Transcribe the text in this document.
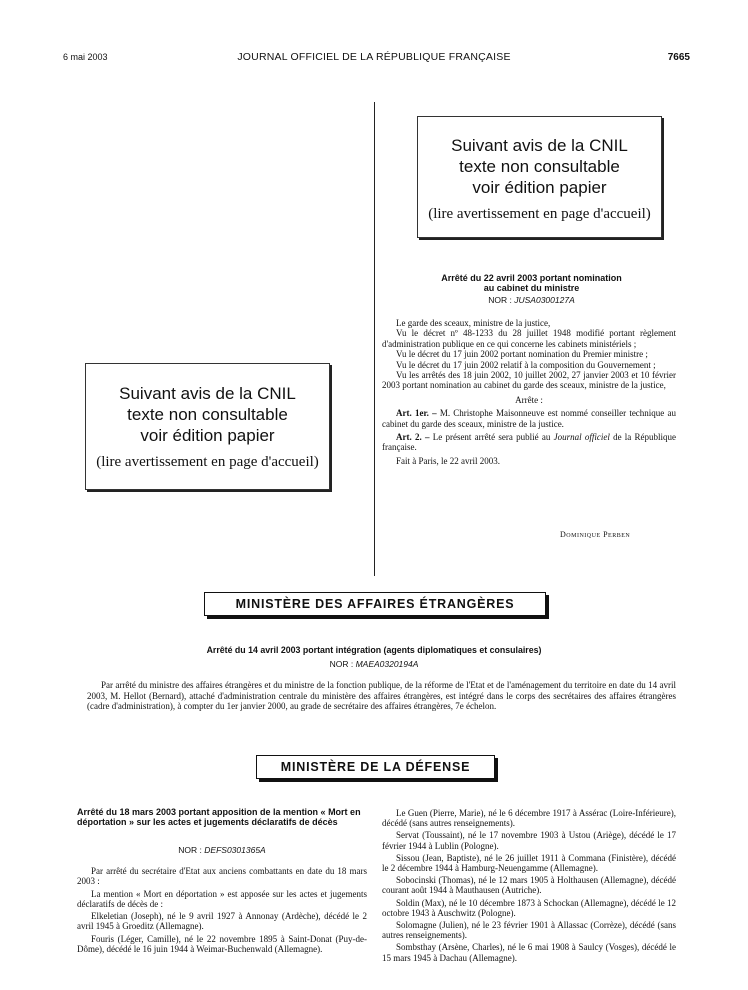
6 mai 2003	JOURNAL OFFICIEL DE LA RÉPUBLIQUE FRANÇAISE	7665
Suivant avis de la CNIL
texte non consultable
voir édition papier
(lire avertissement en page d'accueil)
Suivant avis de la CNIL
texte non consultable
voir édition papier
(lire avertissement en page d'accueil)
Arrêté du 22 avril 2003 portant nomination
au cabinet du ministre
NOR : JUSA0300127A

Le garde des sceaux, ministre de la justice,

Vu le décret nº 48-1233 du 28 juillet 1948 modifié portant règlement d'administration publique en ce qui concerne les cabinets ministériels ;

Vu le décret du 17 juin 2002 portant nomination du Premier ministre ;

Vu le décret du 17 juin 2002 relatif à la composition du Gouvernement ;

Vu les arrêtés des 18 juin 2002, 10 juillet 2002, 27 janvier 2003 et 10 février 2003 portant nomination au cabinet du garde des sceaux, ministre de la justice,

Arrête :

Art. 1er. – M. Christophe Maisonneuve est nommé conseiller technique au cabinet du garde des sceaux, ministre de la justice.

Art. 2. – Le présent arrêté sera publié au Journal officiel de la République française.

Fait à Paris, le 22 avril 2003.

Dominique Perben
MINISTÈRE DES AFFAIRES ÉTRANGÈRES
Arrêté du 14 avril 2003 portant intégration (agents diplomatiques et consulaires)
NOR : MAEA0320194A
Par arrêté du ministre des affaires étrangères et du ministre de la fonction publique, de la réforme de l'Etat et de l'aménagement du territoire en date du 14 avril 2003, M. Hellot (Bernard), attaché d'administration centrale du ministère des affaires étrangères, est intégré dans le corps des secrétaires des affaires étrangères (cadre d'administration), à compter du 1er janvier 2000, au grade de secrétaire des affaires étrangères, 7e échelon.
MINISTÈRE DE LA DÉFENSE
Arrêté du 18 mars 2003 portant apposition de la mention « Mort en déportation » sur les actes et jugements déclaratifs de décès
NOR : DEFS0301365A

Par arrêté du secrétaire d'Etat aux anciens combattants en date du 18 mars 2003 :

La mention « Mort en déportation » est apposée sur les actes et jugements déclaratifs de décès de :

Elkeletian (Joseph), né le 9 avril 1927 à Annonay (Ardèche), décédé le 2 avril 1945 à Groeditz (Allemagne).

Fouris (Léger, Camille), né le 22 novembre 1895 à Saint-Donat (Puy-de-Dôme), décédé le 16 juin 1944 à Weimar-Buchenwald (Allemagne).

Le Guen (Pierre, Marie), né le 6 décembre 1917 à Assérac (Loire-Inférieure), décédé (sans autres renseignements).

Servat (Toussaint), né le 17 novembre 1903 à Ustou (Ariège), décédé le 17 février 1944 à Lublin (Pologne).

Sissou (Jean, Baptiste), né le 26 juillet 1911 à Commana (Finistère), décédé le 2 décembre 1944 à Hamburg-Neuengamme (Allemagne).

Sobocinski (Thomas), né le 12 mars 1905 à Holthausen (Allemagne), décédé courant août 1944 à Mauthausen (Autriche).

Soldin (Max), né le 10 décembre 1873 à Schockan (Allemagne), décédé le 12 octobre 1943 à Auschwitz (Pologne).

Solomagne (Julien), né le 23 février 1901 à Allassac (Corrèze), décédé (sans autres renseignements).

Sombsthay (Arsène, Charles), né le 6 mai 1908 à Saulcy (Vosges), décédé le 15 mars 1945 à Dachau (Allemagne).
